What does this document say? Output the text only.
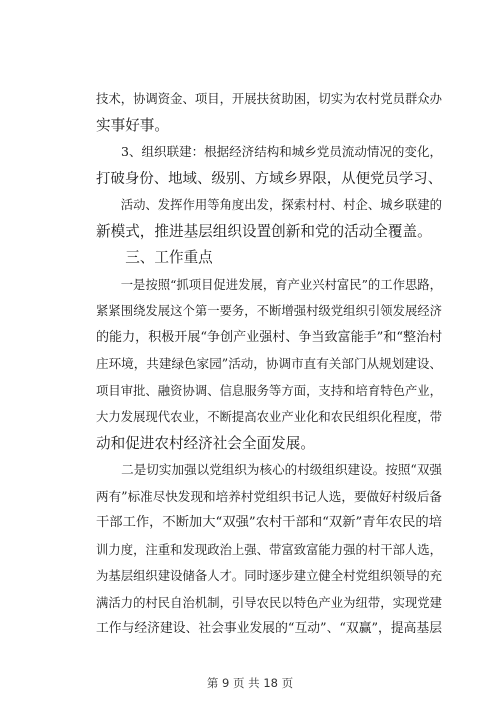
技术，协调资金、项目，开展扶贫助困，切实为农村党员群众办
实事好事。
　　3、组织联建：根据经济结构和城乡党员流动情况的变化，
打破身份、地域、级别、方域乡界限，从便党员学习、
　　活动、发挥作用等角度出发，探索村村、村企、城乡联建的
新模式，推进基层组织设置创新和党的活动全覆盖。
　　三、工作重点
　　一是按照“抓项目促进发展，育产业兴村富民”的工作思路，
紧紧围绕发展这个第一要务，不断增强村级党组织引领发展经济
的能力，积极开展“争创产业强村、争当致富能手”和“整治村
庄环境，共建绿色家园”活动，协调市直有关部门从规划建设、
项目审批、融资协调、信息服务等方面，支持和培育特色产业，
大力发展现代农业，不断提高农业产业化和农民组织化程度，带
动和促进农村经济社会全面发展。
　　二是切实加强以党组织为核心的村级组织建设。按照“双强
两有”标准尽快发现和培养村党组织书记人选，要做好村级后备
干部工作，不断加大“双强”农村干部和“双新”青年农民的培
训力度，注重和发现政治上强、带富致富能力强的村干部人选，
为基层组织建设储备人才。同时逐步建立健全村党组织领导的充
满活力的村民自治机制，引导农民以特色产业为纽带，实现党建
工作与经济建设、社会事业发展的“互动”、“双赢”，提高基层
第 9 页 共 18 页
